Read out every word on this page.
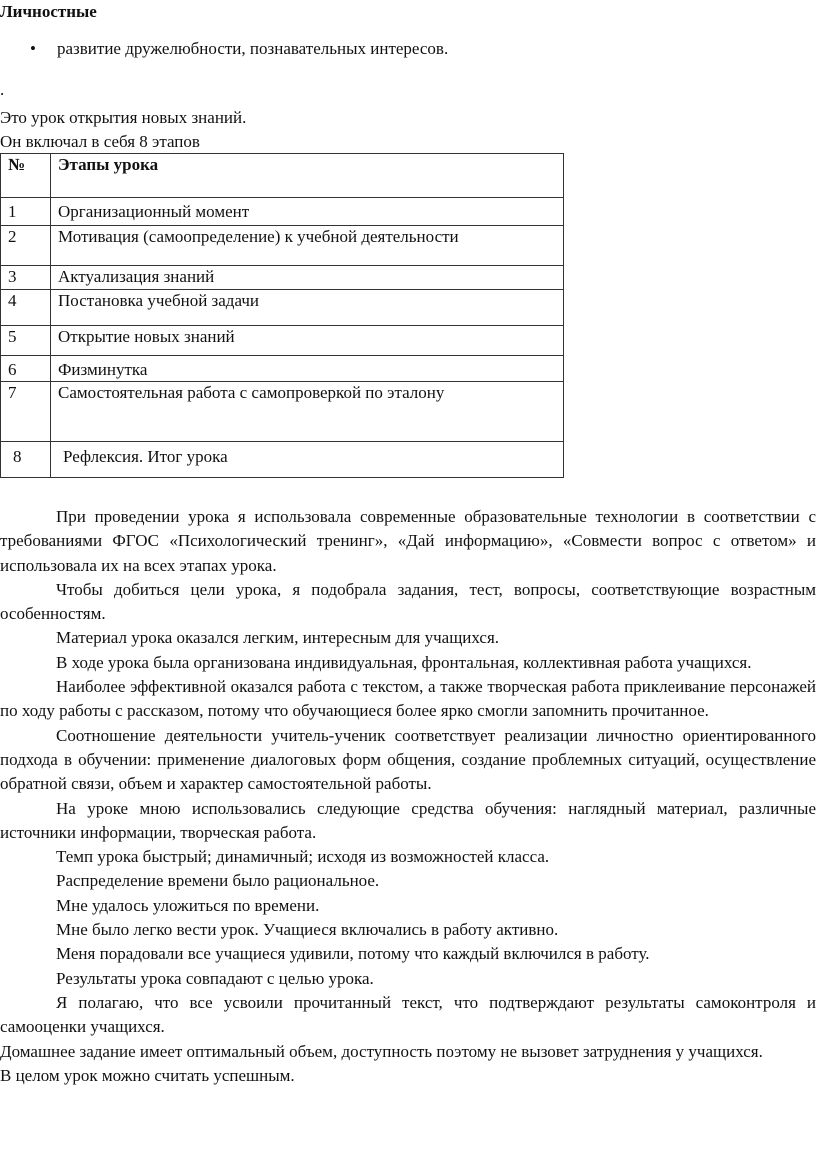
Личностные
• развитие дружелюбности, познавательных интересов.
.
Это урок открытия новых знаний.
Он включал в себя 8 этапов
№	Этапы урока
1	Организационный момент
2	Мотивация (самоопределение) к учебной деятельности
3	Актуализация знаний
4	Постановка учебной задачи
5	Открытие новых знаний
6	Физминутка
7	Самостоятельная работа с самопроверкой по эталону
8	Рефлексия. Итог урока

При проведении урока я использовала современные образовательные технологии в соответствии с требованиями ФГОС «Психологический тренинг», «Дай информацию», «Совмести вопрос с ответом» и использовала их на всех этапах урока.

Чтобы добиться цели урока, я подобрала задания, тест, вопросы, соответствующие возрастным особенностям.

Материал урока оказался легким, интересным для учащихся.

В ходе урока была организована индивидуальная, фронтальная, коллективная работа учащихся.

Наиболее эффективной оказался работа с текстом, а также творческая работа приклеивание персонажей по ходу работы с рассказом, потому что обучающиеся более ярко смогли запомнить прочитанное.

Соотношение деятельности учитель-ученик соответствует реализации личностно ориентированного подхода в обучении: применение диалоговых форм общения, создание проблемных ситуаций, осуществление обратной связи, объем и характер самостоятельной работы.

На уроке мною использовались следующие средства обучения: наглядный материал, различные источники информации, творческая работа.

Темп урока быстрый; динамичный; исходя из возможностей класса.

Распределение времени было рациональное.

Мне удалось уложиться по времени.

Мне было легко вести урок. Учащиеся включались в работу активно.

Меня порадовали все учащиеся удивили, потому что каждый включился в работу.

Результаты урока совпадают с целью урока.

Я полагаю, что все усвоили прочитанный текст, что подтверждают результаты самоконтроля и самооценки учащихся.

Домашнее задание имеет оптимальный объем, доступность поэтому не вызовет затруднения у учащихся.

В целом урок можно считать успешным.
